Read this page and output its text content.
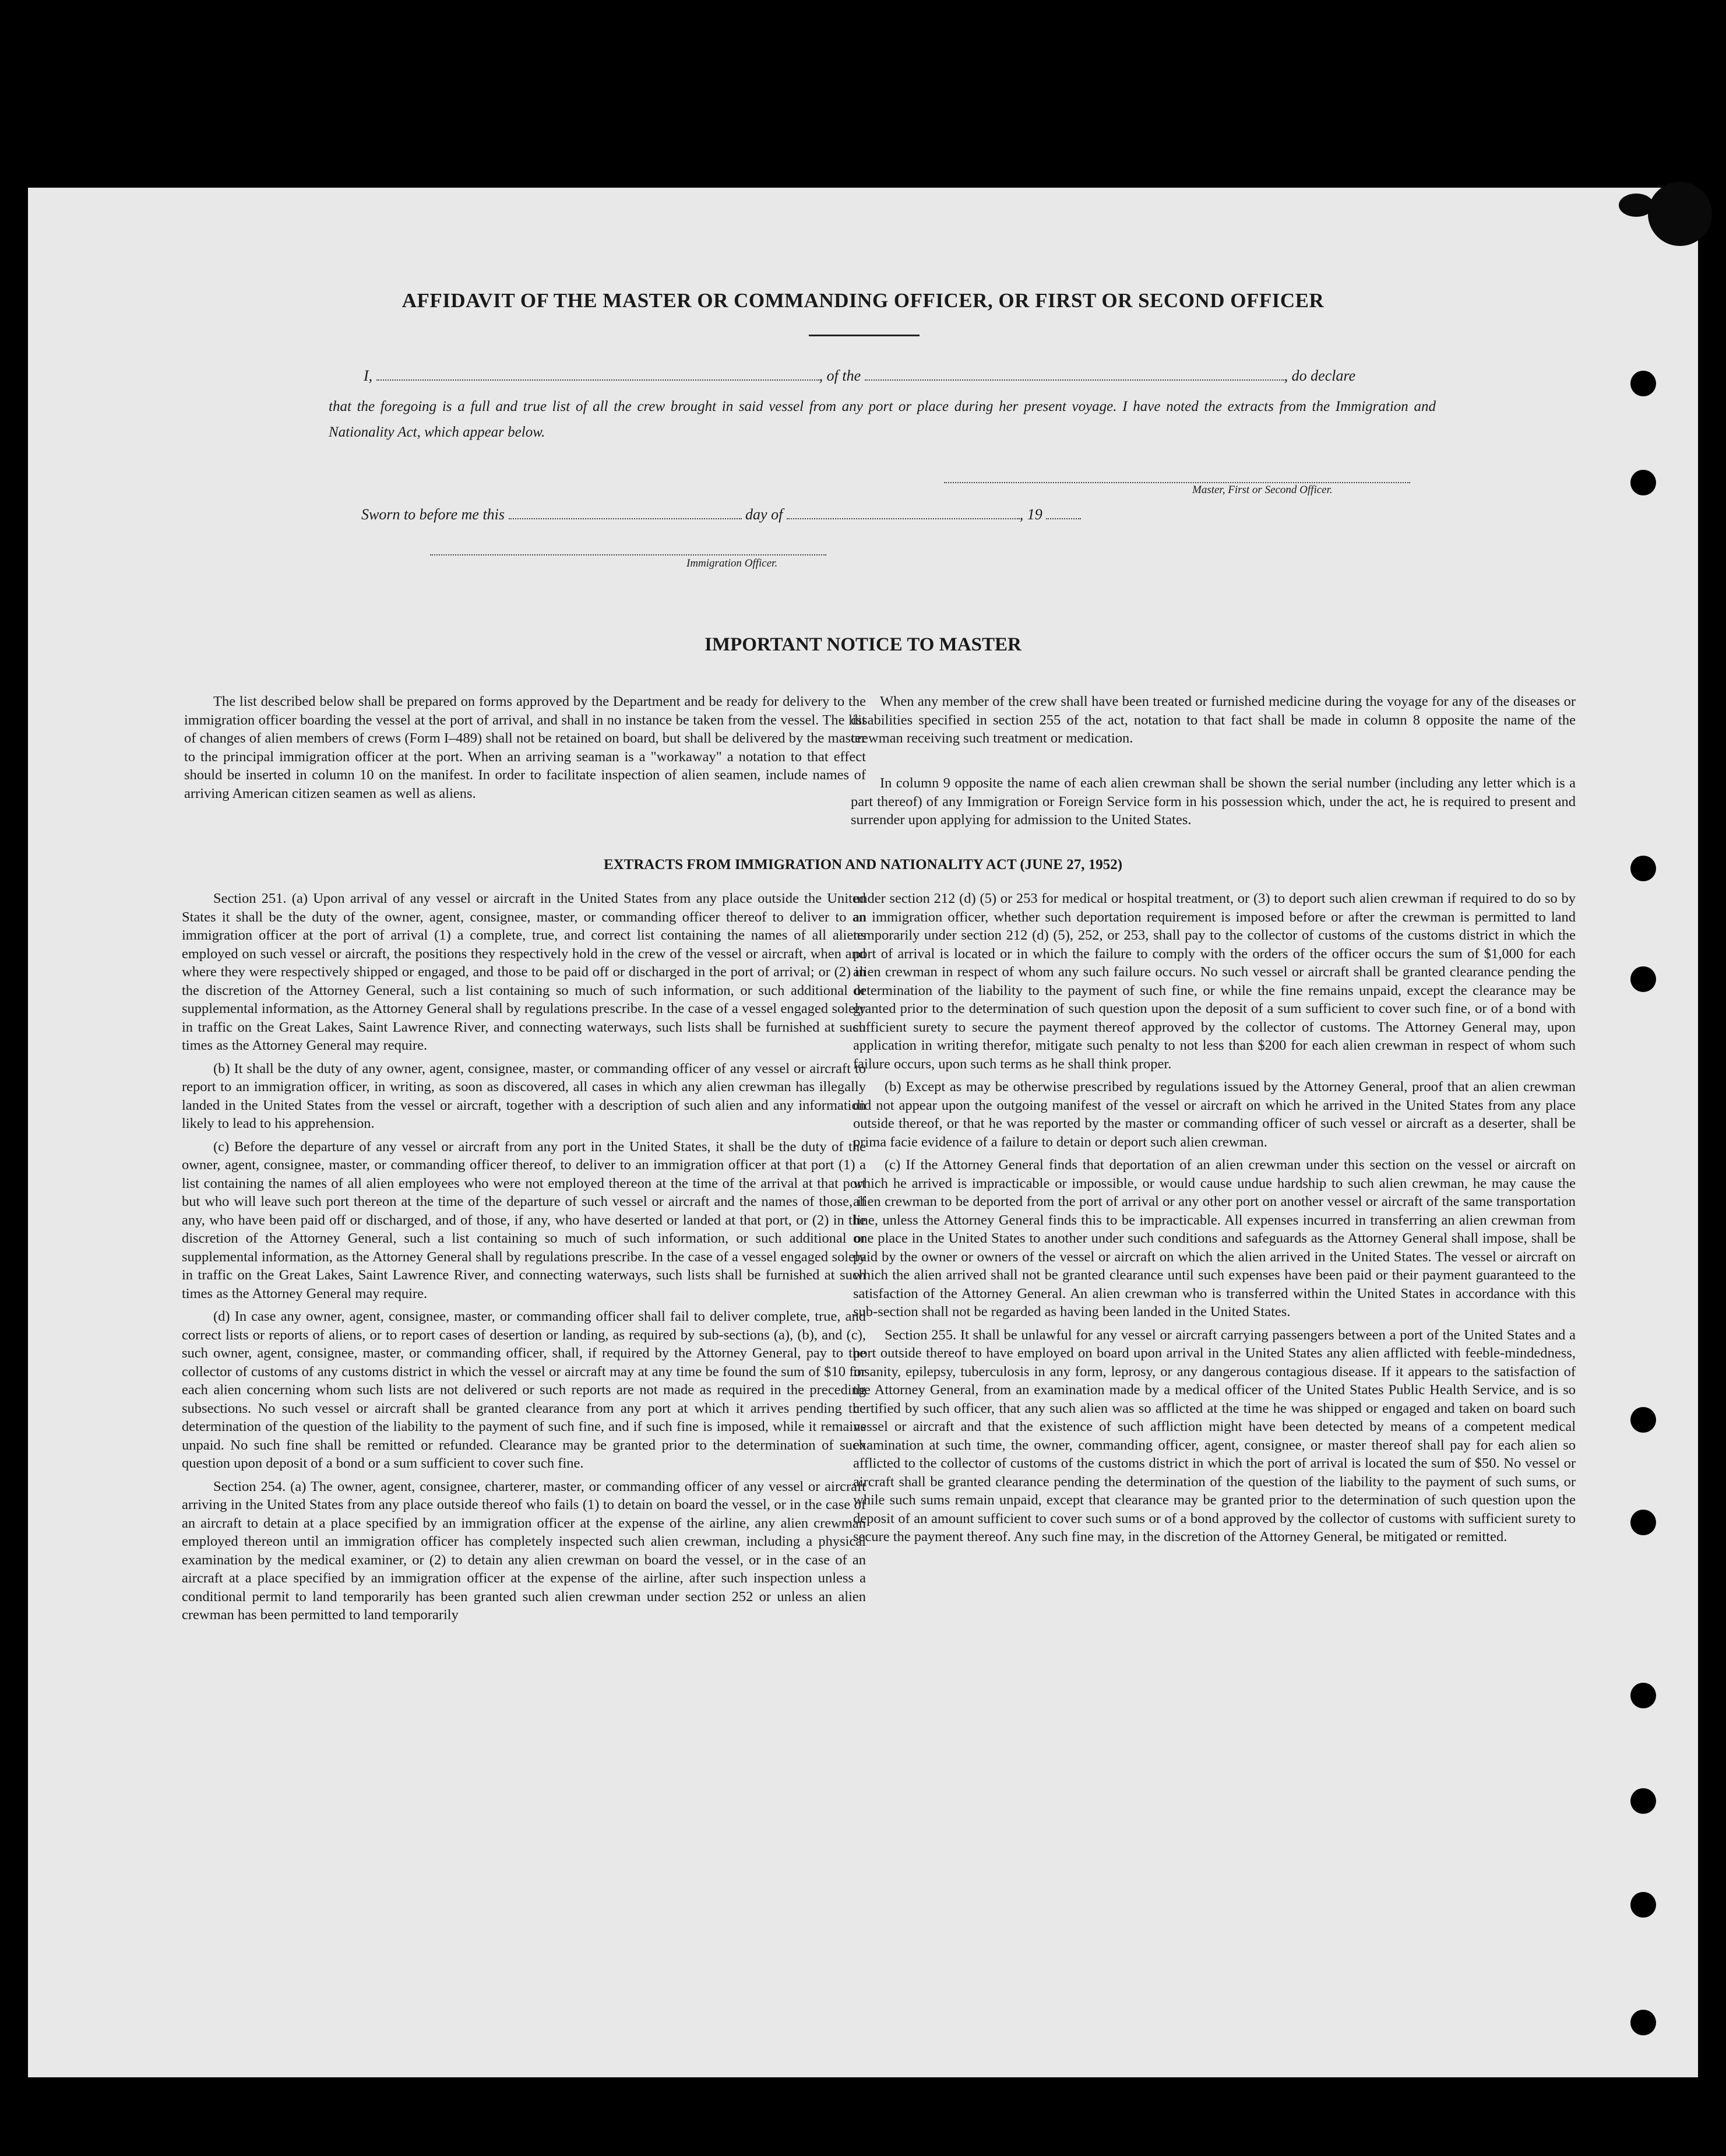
AFFIDAVIT OF THE MASTER OR COMMANDING OFFICER, OR FIRST OR SECOND OFFICER
I,	, of the	, do declare
that the foregoing is a full and true list of all the crew brought in said vessel from any port or place during her present voyage. I have noted the extracts from the Immigration and Nationality Act, which appear below.
Master, First or Second Officer.
Sworn to before me this	day of	, 19
Immigration Officer.
IMPORTANT NOTICE TO MASTER

The list described below shall be prepared on forms approved by the Department and be ready for delivery to the immigration officer boarding the vessel at the port of arrival, and shall in no instance be taken from the vessel. The list of changes of alien members of crews (Form I–489) shall not be retained on board, but shall be delivered by the master to the principal immigration officer at the port. When an arriving seaman is a "workaway" a notation to that effect should be inserted in column 10 on the manifest. In order to facilitate inspection of alien seamen, include names of arriving American citizen seamen as well as aliens.

When any member of the crew shall have been treated or furnished medicine during the voyage for any of the diseases or disabilities specified in section 255 of the act, notation to that fact shall be made in column 8 opposite the name of the crewman receiving such treatment or medication.

In column 9 opposite the name of each alien crewman shall be shown the serial number (including any letter which is a part thereof) of any Immigration or Foreign Service form in his possession which, under the act, he is required to present and surrender upon applying for admission to the United States.

EXTRACTS FROM IMMIGRATION AND NATIONALITY ACT (JUNE 27, 1952)

Section 251. (a) Upon arrival of any vessel or aircraft in the United States from any place outside the United States it shall be the duty of the owner, agent, consignee, master, or commanding officer thereof to deliver to an immigration officer at the port of arrival (1) a complete, true, and correct list containing the names of all aliens employed on such vessel or aircraft, the positions they respectively hold in the crew of the vessel or aircraft, when and where they were respectively shipped or engaged, and those to be paid off or discharged in the port of arrival; or (2) in the discretion of the Attorney General, such a list containing so much of such information, or such additional or supplemental information, as the Attorney General shall by regulations prescribe. In the case of a vessel engaged solely in traffic on the Great Lakes, Saint Lawrence River, and connecting waterways, such lists shall be furnished at such times as the Attorney General may require.

(b) It shall be the duty of any owner, agent, consignee, master, or commanding officer of any vessel or aircraft to report to an immigration officer, in writing, as soon as discovered, all cases in which any alien crewman has illegally landed in the United States from the vessel or aircraft, together with a description of such alien and any information likely to lead to his apprehension.

(c) Before the departure of any vessel or aircraft from any port in the United States, it shall be the duty of the owner, agent, consignee, master, or commanding officer thereof, to deliver to an immigration officer at that port (1) a list containing the names of all alien employees who were not employed thereon at the time of the arrival at that port but who will leave such port thereon at the time of the departure of such vessel or aircraft and the names of those, if any, who have been paid off or discharged, and of those, if any, who have deserted or landed at that port, or (2) in the discretion of the Attorney General, such a list containing so much of such information, or such additional or supplemental information, as the Attorney General shall by regulations prescribe. In the case of a vessel engaged solely in traffic on the Great Lakes, Saint Lawrence River, and connecting waterways, such lists shall be furnished at such times as the Attorney General may require.

(d) In case any owner, agent, consignee, master, or commanding officer shall fail to deliver complete, true, and correct lists or reports of aliens, or to report cases of desertion or landing, as required by sub-sections (a), (b), and (c), such owner, agent, consignee, master, or commanding officer, shall, if required by the Attorney General, pay to the collector of customs of any customs district in which the vessel or aircraft may at any time be found the sum of $10 for each alien concerning whom such lists are not delivered or such reports are not made as required in the preceding subsections. No such vessel or aircraft shall be granted clearance from any port at which it arrives pending the determination of the question of the liability to the payment of such fine, and if such fine is imposed, while it remains unpaid. No such fine shall be remitted or refunded. Clearance may be granted prior to the determination of such question upon deposit of a bond or a sum sufficient to cover such fine.

Section 254. (a) The owner, agent, consignee, charterer, master, or commanding officer of any vessel or aircraft arriving in the United States from any place outside thereof who fails (1) to detain on board the vessel, or in the case of an aircraft to detain at a place specified by an immigration officer at the expense of the airline, any alien crewman employed thereon until an immigration officer has completely inspected such alien crewman, including a physical examination by the medical examiner, or (2) to detain any alien crewman on board the vessel, or in the case of an aircraft at a place specified by an immigration officer at the expense of the airline, after such inspection unless a conditional permit to land temporarily has been granted such alien crewman under section 252 or unless an alien crewman has been permitted to land temporarily

under section 212 (d) (5) or 253 for medical or hospital treatment, or (3) to deport such alien crewman if required to do so by an immigration officer, whether such deportation requirement is imposed before or after the crewman is permitted to land temporarily under section 212 (d) (5), 252, or 253, shall pay to the collector of customs of the customs district in which the port of arrival is located or in which the failure to comply with the orders of the officer occurs the sum of $1,000 for each alien crewman in respect of whom any such failure occurs. No such vessel or aircraft shall be granted clearance pending the determination of the liability to the payment of such fine, or while the fine remains unpaid, except the clearance may be granted prior to the determination of such question upon the deposit of a sum sufficient to cover such fine, or of a bond with sufficient surety to secure the payment thereof approved by the collector of customs. The Attorney General may, upon application in writing therefor, mitigate such penalty to not less than $200 for each alien crewman in respect of whom such failure occurs, upon such terms as he shall think proper.

(b) Except as may be otherwise prescribed by regulations issued by the Attorney General, proof that an alien crewman did not appear upon the outgoing manifest of the vessel or aircraft on which he arrived in the United States from any place outside thereof, or that he was reported by the master or commanding officer of such vessel or aircraft as a deserter, shall be prima facie evidence of a failure to detain or deport such alien crewman.

(c) If the Attorney General finds that deportation of an alien crewman under this section on the vessel or aircraft on which he arrived is impracticable or impossible, or would cause undue hardship to such alien crewman, he may cause the alien crewman to be deported from the port of arrival or any other port on another vessel or aircraft of the same transportation line, unless the Attorney General finds this to be impracticable. All expenses incurred in transferring an alien crewman from one place in the United States to another under such conditions and safeguards as the Attorney General shall impose, shall be paid by the owner or owners of the vessel or aircraft on which the alien arrived in the United States. The vessel or aircraft on which the alien arrived shall not be granted clearance until such expenses have been paid or their payment guaranteed to the satisfaction of the Attorney General. An alien crewman who is transferred within the United States in accordance with this sub-section shall not be regarded as having been landed in the United States.

Section 255. It shall be unlawful for any vessel or aircraft carrying passengers between a port of the United States and a port outside thereof to have employed on board upon arrival in the United States any alien afflicted with feeble-mindedness, insanity, epilepsy, tuberculosis in any form, leprosy, or any dangerous contagious disease. If it appears to the satisfaction of the Attorney General, from an examination made by a medical officer of the United States Public Health Service, and is so certified by such officer, that any such alien was so afflicted at the time he was shipped or engaged and taken on board such vessel or aircraft and that the existence of such affliction might have been detected by means of a competent medical examination at such time, the owner, commanding officer, agent, consignee, or master thereof shall pay for each alien so afflicted to the collector of customs of the customs district in which the port of arrival is located the sum of $50. No vessel or aircraft shall be granted clearance pending the determination of the question of the liability to the payment of such sums, or while such sums remain unpaid, except that clearance may be granted prior to the determination of such question upon the deposit of an amount sufficient to cover such sums or of a bond approved by the collector of customs with sufficient surety to secure the payment thereof. Any such fine may, in the discretion of the Attorney General, be mitigated or remitted.
